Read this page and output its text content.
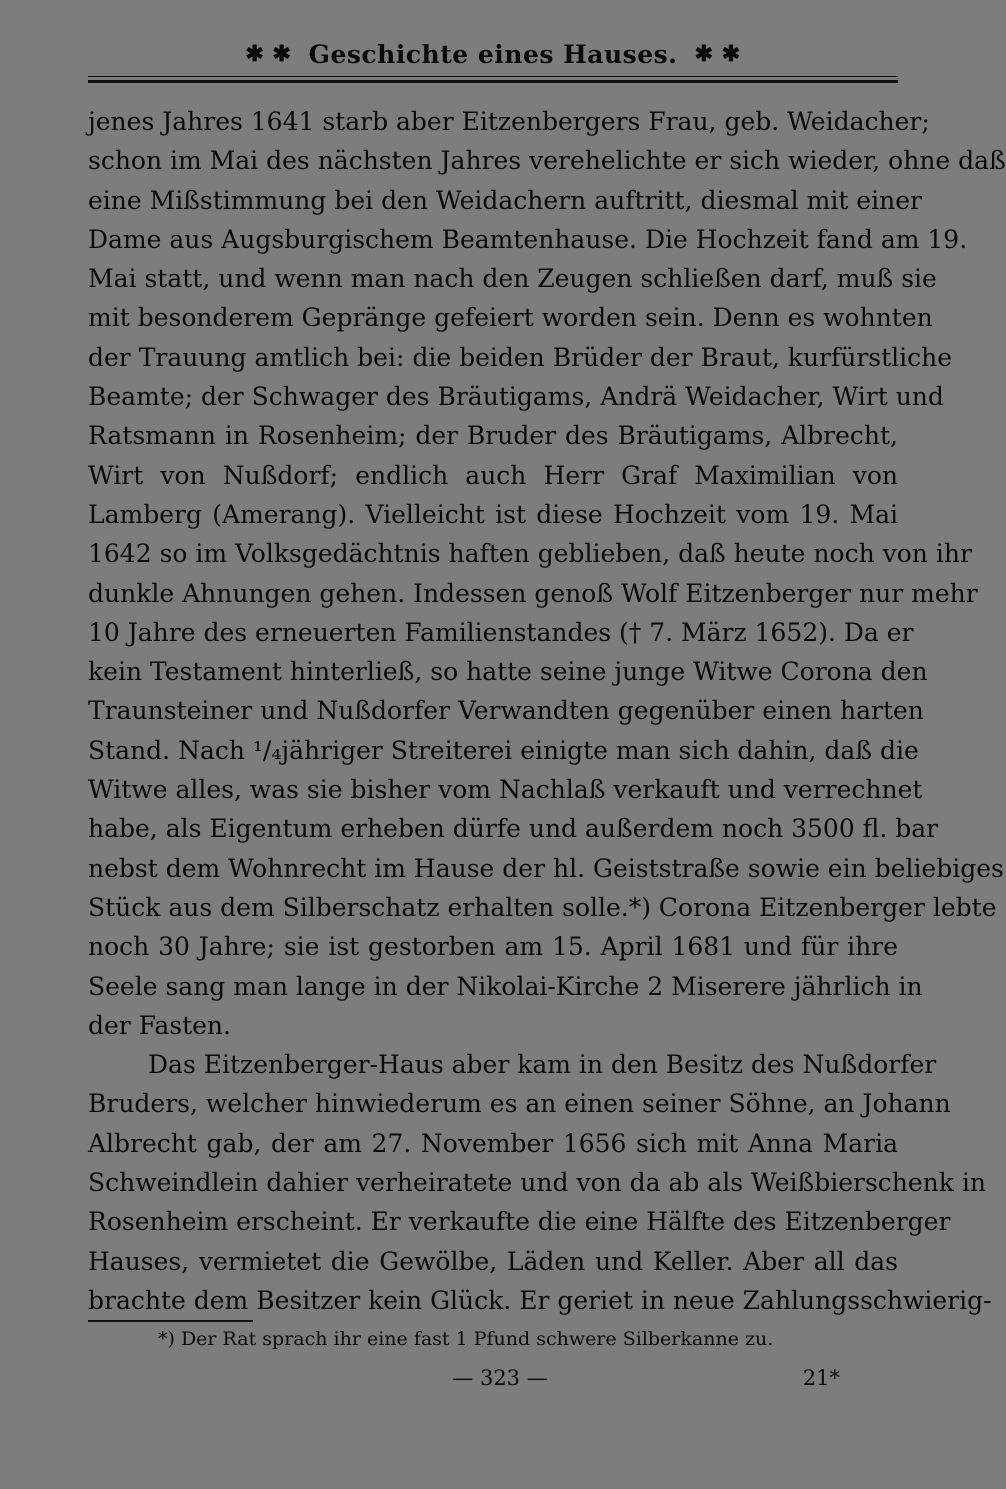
✱ ✱ Geschichte eines Hauses. ✱ ✱
jenes Jahres 1641 starb aber Eitzenbergers Frau, geb. Weidacher;
schon im Mai des nächsten Jahres verehelichte er sich wieder, ohne daß
eine Mißstimmung bei den Weidachern auftritt, diesmal mit einer
Dame aus Augsburgischem Beamtenhause. Die Hochzeit fand am 19.
Mai statt, und wenn man nach den Zeugen schließen darf, muß sie
mit besonderem Gepränge gefeiert worden sein. Denn es wohnten
der Trauung amtlich bei: die beiden Brüder der Braut, kurfürstliche
Beamte; der Schwager des Bräutigams, Andrä Weidacher, Wirt und
Ratsmann in Rosenheim; der Bruder des Bräutigams, Albrecht,
Wirt von Nußdorf; endlich auch Herr Graf Maximilian von
Lamberg (Amerang). Vielleicht ist diese Hochzeit vom 19. Mai
1642 so im Volksgedächtnis haften geblieben, daß heute noch von ihr
dunkle Ahnungen gehen. Indessen genoß Wolf Eitzenberger nur mehr
10 Jahre des erneuerten Familienstandes († 7. März 1652). Da er
kein Testament hinterließ, so hatte seine junge Witwe Corona den
Traunsteiner und Nußdorfer Verwandten gegenüber einen harten
Stand. Nach ¹/₄jähriger Streiterei einigte man sich dahin, daß die
Witwe alles, was sie bisher vom Nachlaß verkauft und verrechnet
habe, als Eigentum erheben dürfe und außerdem noch 3500 fl. bar
nebst dem Wohnrecht im Hause der hl. Geiststraße sowie ein beliebiges
Stück aus dem Silberschatz erhalten solle.*) Corona Eitzenberger lebte
noch 30 Jahre; sie ist gestorben am 15. April 1681 und für ihre
Seele sang man lange in der Nikolai-Kirche 2 Miserere jährlich in
der Fasten.
Das Eitzenberger-Haus aber kam in den Besitz des Nußdorfer
Bruders, welcher hinwiederum es an einen seiner Söhne, an Johann
Albrecht gab, der am 27. November 1656 sich mit Anna Maria
Schweindlein dahier verheiratete und von da ab als Weißbierschenk in
Rosenheim erscheint. Er verkaufte die eine Hälfte des Eitzenberger
Hauses, vermietet die Gewölbe, Läden und Keller. Aber all das
brachte dem Besitzer kein Glück. Er geriet in neue Zahlungsschwierig-
*) Der Rat sprach ihr eine fast 1 Pfund schwere Silberkanne zu.
— 323 —	21*
